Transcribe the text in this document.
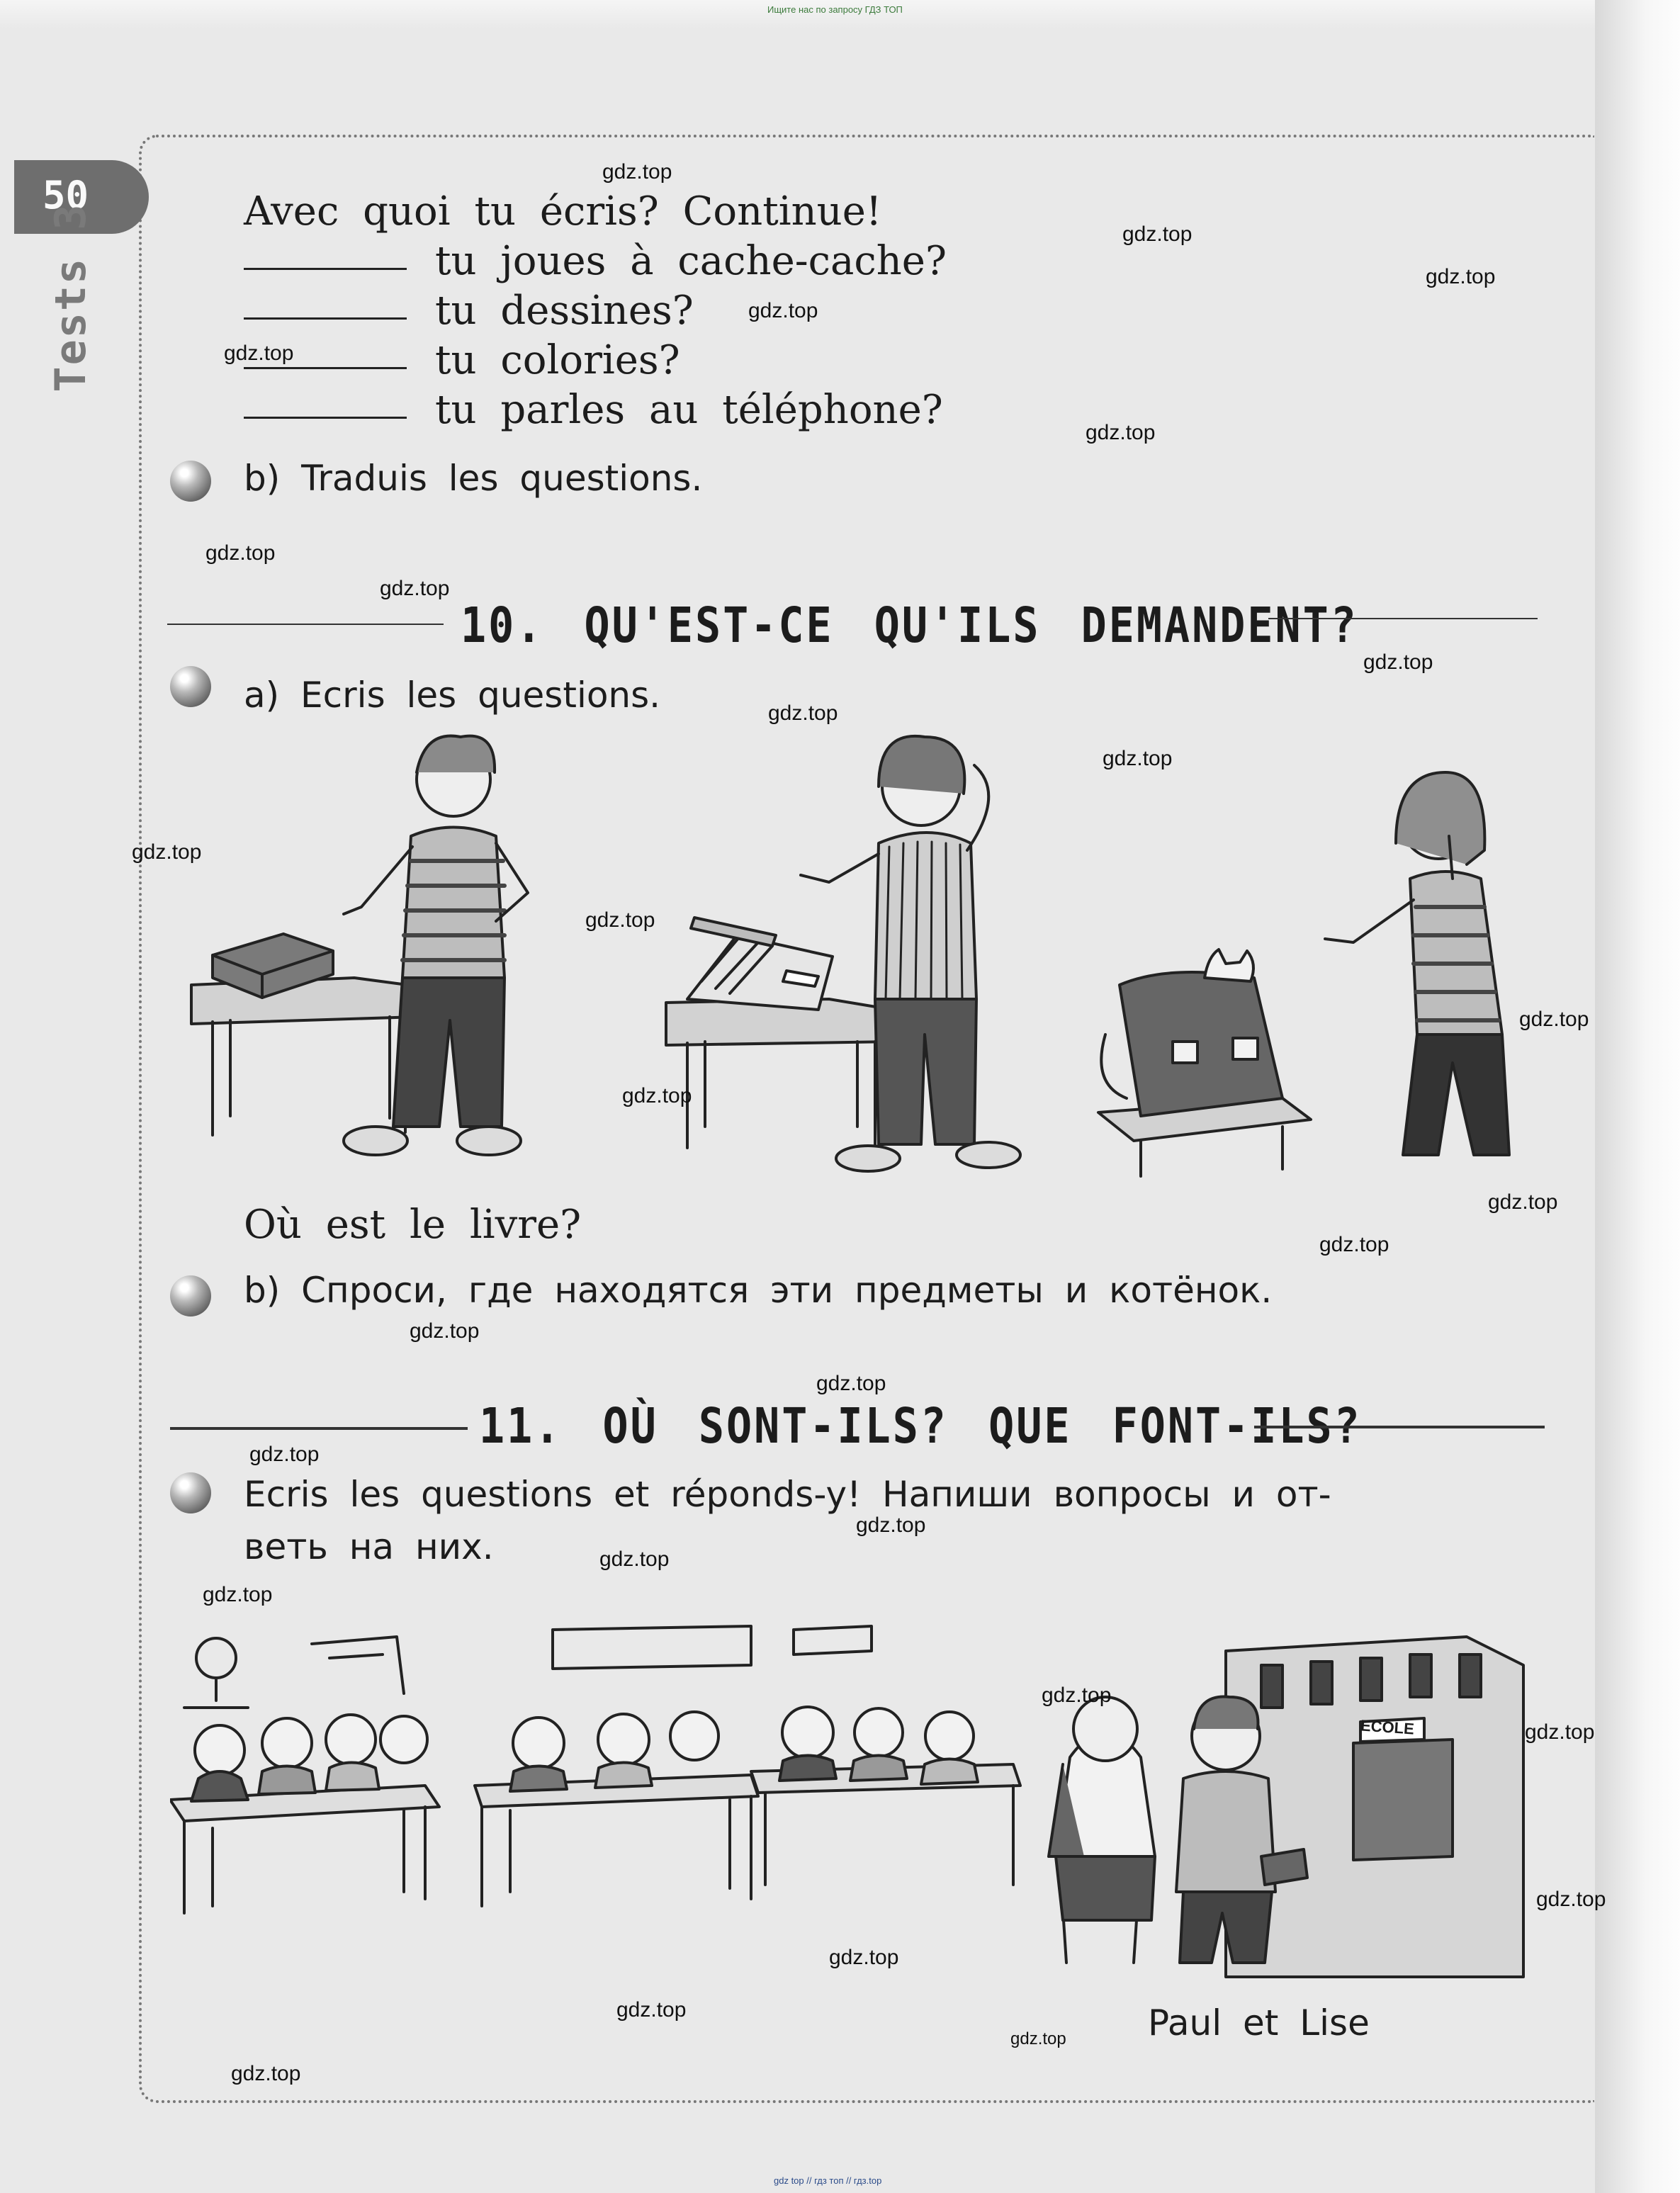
Ищите нас по запросу ГДЗ ТОП
gdz top // гдз топ // гдз.top
50
Tests 3	Avec quoi tu écris? Continue!
tu joues à cache-cache?
tu dessines?
tu colories?
tu parles au téléphone?
b) Traduis les questions.
10. QU'EST-CE QU'ILS DEMANDENT?
a) Ecris les questions.
Où est le livre?
b) Спроси, где находятся эти предметы и котёнок.
11. OÙ SONT-ILS? QUE FONT-ILS?
Ecris les questions et réponds-y! Напиши вопросы и от-
веть на них.
ECOLE
Paul et Lise
gdz.top
gdz.top
gdz.top
gdz.top
gdz.top
gdz.top
gdz.top
gdz.top
gdz.top
gdz.top
gdz.top
gdz.top
gdz.top
gdz.top
gdz.top
gdz.top
gdz.top
gdz.top
gdz.top
gdz.top
gdz.top
gdz.top
gdz.top
gdz.top
gdz.top
gdz.top
gdz.top
gdz.top
gdz.top
gdz.top
